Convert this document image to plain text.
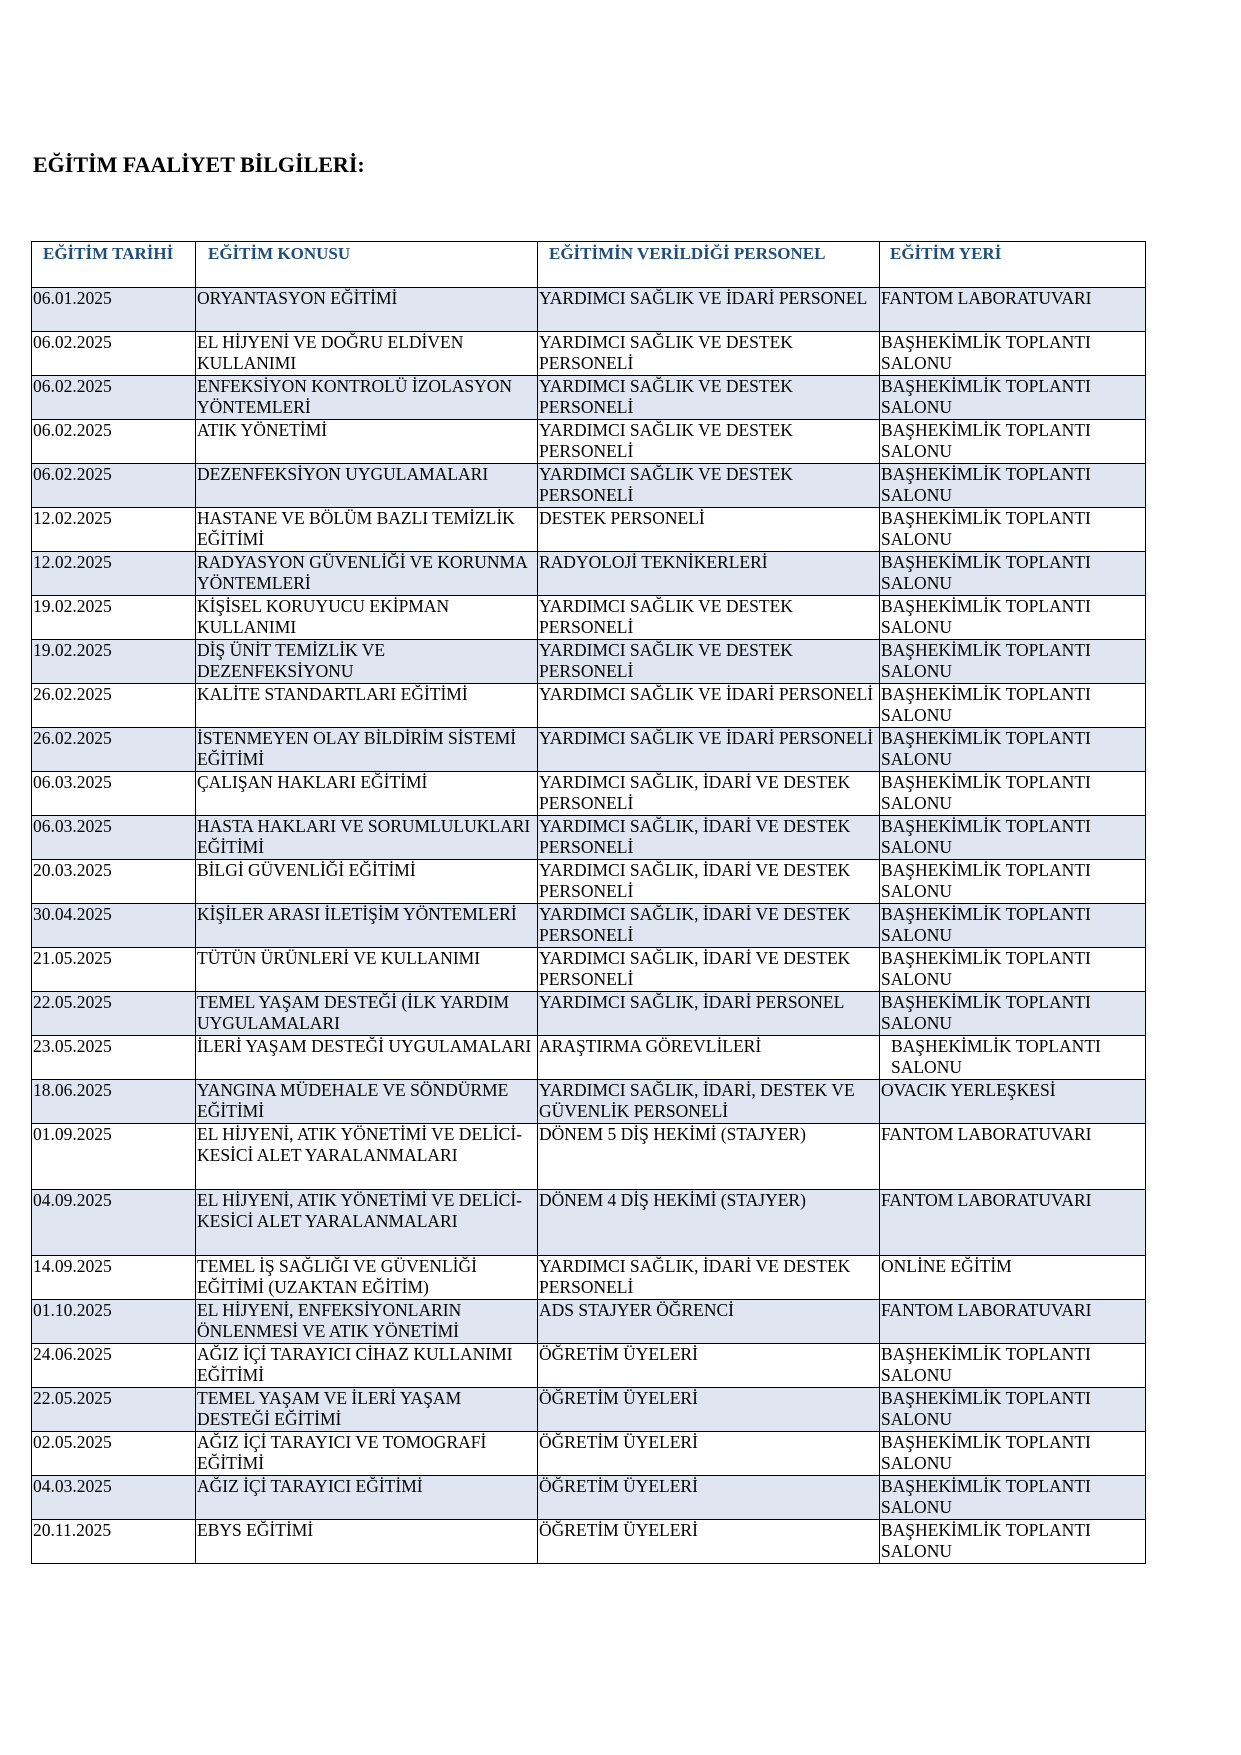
EĞİTİM FAALİYET BİLGİLERİ:
EĞİTİM TARİHİ	EĞİTİM KONUSU	EĞİTİMİN VERİLDİĞİ PERSONEL	EĞİTİM YERİ
06.01.2025	ORYANTASYON EĞİTİMİ	YARDIMCI SAĞLIK VE İDARİ PERSONEL	FANTOM LABORATUVARI
06.02.2025	EL HİJYENİ VE DOĞRU ELDİVEN KULLANIMI	YARDIMCI SAĞLIK VE DESTEK PERSONELİ	BAŞHEKİMLİK TOPLANTI SALONU
06.02.2025	ENFEKSİYON KONTROLÜ İZOLASYON YÖNTEMLERİ	YARDIMCI SAĞLIK VE DESTEK PERSONELİ	BAŞHEKİMLİK TOPLANTI SALONU
06.02.2025	ATIK YÖNETİMİ	YARDIMCI SAĞLIK VE DESTEK PERSONELİ	BAŞHEKİMLİK TOPLANTI SALONU
06.02.2025	DEZENFEKSİYON UYGULAMALARI	YARDIMCI SAĞLIK VE DESTEK PERSONELİ	BAŞHEKİMLİK TOPLANTI SALONU
12.02.2025	HASTANE VE BÖLÜM BAZLI TEMİZLİK EĞİTİMİ	DESTEK PERSONELİ	BAŞHEKİMLİK TOPLANTI SALONU
12.02.2025	RADYASYON GÜVENLİĞİ VE KORUNMA YÖNTEMLERİ	RADYOLOJİ TEKNİKERLERİ	BAŞHEKİMLİK TOPLANTI SALONU
19.02.2025	KİŞİSEL KORUYUCU EKİPMAN KULLANIMI	YARDIMCI SAĞLIK VE DESTEK PERSONELİ	BAŞHEKİMLİK TOPLANTI SALONU
19.02.2025	DİŞ ÜNİT TEMİZLİK VE DEZENFEKSİYONU	YARDIMCI SAĞLIK VE DESTEK PERSONELİ	BAŞHEKİMLİK TOPLANTI SALONU
26.02.2025	KALİTE STANDARTLARI EĞİTİMİ	YARDIMCI SAĞLIK VE İDARİ PERSONELİ	BAŞHEKİMLİK TOPLANTI SALONU
26.02.2025	İSTENMEYEN OLAY BİLDİRİM SİSTEMİ EĞİTİMİ	YARDIMCI SAĞLIK VE İDARİ PERSONELİ	BAŞHEKİMLİK TOPLANTI SALONU
06.03.2025	ÇALIŞAN HAKLARI EĞİTİMİ	YARDIMCI SAĞLIK, İDARİ VE DESTEK PERSONELİ	BAŞHEKİMLİK TOPLANTI SALONU
06.03.2025	HASTA HAKLARI VE SORUMLULUKLARI EĞİTİMİ	YARDIMCI SAĞLIK, İDARİ VE DESTEK PERSONELİ	BAŞHEKİMLİK TOPLANTI SALONU
20.03.2025	BİLGİ GÜVENLİĞİ EĞİTİMİ	YARDIMCI SAĞLIK, İDARİ VE DESTEK PERSONELİ	BAŞHEKİMLİK TOPLANTI SALONU
30.04.2025	KİŞİLER ARASI İLETİŞİM YÖNTEMLERİ	YARDIMCI SAĞLIK, İDARİ VE DESTEK PERSONELİ	BAŞHEKİMLİK TOPLANTI SALONU
21.05.2025	TÜTÜN ÜRÜNLERİ VE KULLANIMI	YARDIMCI SAĞLIK, İDARİ VE DESTEK PERSONELİ	BAŞHEKİMLİK TOPLANTI SALONU
22.05.2025	TEMEL YAŞAM DESTEĞİ (İLK YARDIM UYGULAMALARI	YARDIMCI SAĞLIK, İDARİ PERSONEL	BAŞHEKİMLİK TOPLANTI SALONU
23.05.2025	İLERİ YAŞAM DESTEĞİ UYGULAMALARI	ARAŞTIRMA GÖREVLİLERİ	BAŞHEKİMLİK TOPLANTI SALONU
18.06.2025	YANGINA MÜDEHALE VE SÖNDÜRME EĞİTİMİ	YARDIMCI SAĞLIK, İDARİ, DESTEK VE GÜVENLİK PERSONELİ	OVACIK YERLEŞKESİ
01.09.2025	EL HİJYENİ, ATIK YÖNETİMİ VE DELİCİ-KESİCİ ALET YARALANMALARI	DÖNEM 5 DİŞ HEKİMİ (STAJYER)	FANTOM LABORATUVARI
04.09.2025	EL HİJYENİ, ATIK YÖNETİMİ VE DELİCİ-KESİCİ ALET YARALANMALARI	DÖNEM 4 DİŞ HEKİMİ (STAJYER)	FANTOM LABORATUVARI
14.09.2025	TEMEL İŞ SAĞLIĞI VE GÜVENLİĞİ EĞİTİMİ (UZAKTAN EĞİTİM)	YARDIMCI SAĞLIK, İDARİ VE DESTEK PERSONELİ	ONLİNE EĞİTİM
01.10.2025	EL HİJYENİ, ENFEKSİYONLARIN ÖNLENMESİ VE ATIK YÖNETİMİ	ADS STAJYER ÖĞRENCİ	FANTOM LABORATUVARI
24.06.2025	AĞIZ İÇİ TARAYICI CİHAZ KULLANIMI EĞİTİMİ	ÖĞRETİM ÜYELERİ	BAŞHEKİMLİK TOPLANTI SALONU
22.05.2025	TEMEL YAŞAM VE İLERİ YAŞAM DESTEĞİ EĞİTİMİ	ÖĞRETİM ÜYELERİ	BAŞHEKİMLİK TOPLANTI SALONU
02.05.2025	AĞIZ İÇİ TARAYICI VE TOMOGRAFİ EĞİTİMİ	ÖĞRETİM ÜYELERİ	BAŞHEKİMLİK TOPLANTI SALONU
04.03.2025	AĞIZ İÇİ TARAYICI EĞİTİMİ	ÖĞRETİM ÜYELERİ	BAŞHEKİMLİK TOPLANTI SALONU
20.11.2025	EBYS EĞİTİMİ	ÖĞRETİM ÜYELERİ	BAŞHEKİMLİK TOPLANTI SALONU
